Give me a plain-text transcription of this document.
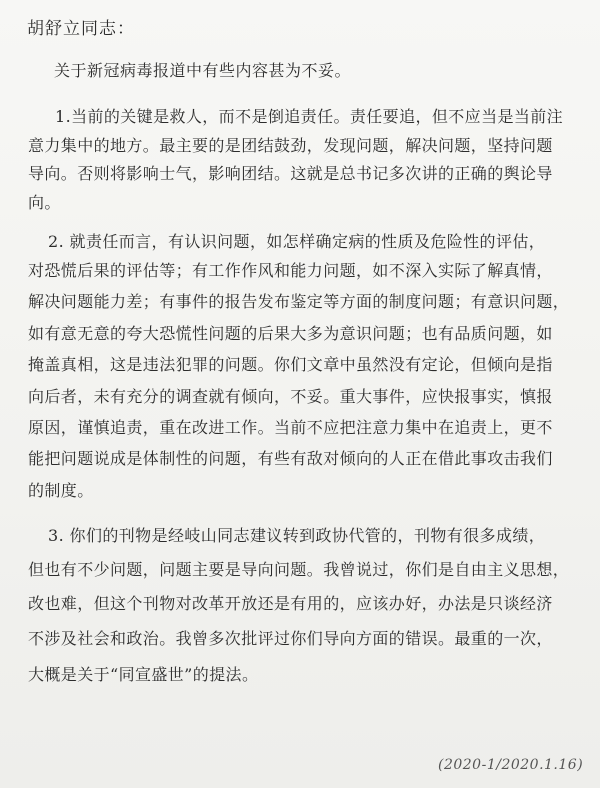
胡舒立同志：
关于新冠病毒报道中有些内容甚为不妥。
1.当前的关键是救人，而不是倒追责任。责任要追，但不应当是当前注
意力集中的地方。最主要的是团结鼓劲，发现问题，解决问题，坚持问题
导向。否则将影响士气，影响团结。这就是总书记多次讲的正确的舆论导
向。
2. 就责任而言，有认识问题，如怎样确定病的性质及危险性的评估，
对恐慌后果的评估等；有工作作风和能力问题，如不深入实际了解真情，
解决问题能力差；有事件的报告发布鉴定等方面的制度问题；有意识问题，
如有意无意的夸大恐慌性问题的后果大多为意识问题；也有品质问题，如
掩盖真相，这是违法犯罪的问题。你们文章中虽然没有定论，但倾向是指
向后者，未有充分的调查就有倾向，不妥。重大事件，应快报事实，慎报
原因，谨慎追责，重在改进工作。当前不应把注意力集中在追责上，更不
能把问题说成是体制性的问题，有些有敌对倾向的人正在借此事攻击我们
的制度。
3. 你们的刊物是经岐山同志建议转到政协代管的，刊物有很多成绩，
但也有不少问题，问题主要是导向问题。我曾说过，你们是自由主义思想，
改也难，但这个刊物对改革开放还是有用的，应该办好，办法是只谈经济
不涉及社会和政治。我曾多次批评过你们导向方面的错误。最重的一次，
大概是关于“同宣盛世”的提法。
(2020-1/2020.1.16)
